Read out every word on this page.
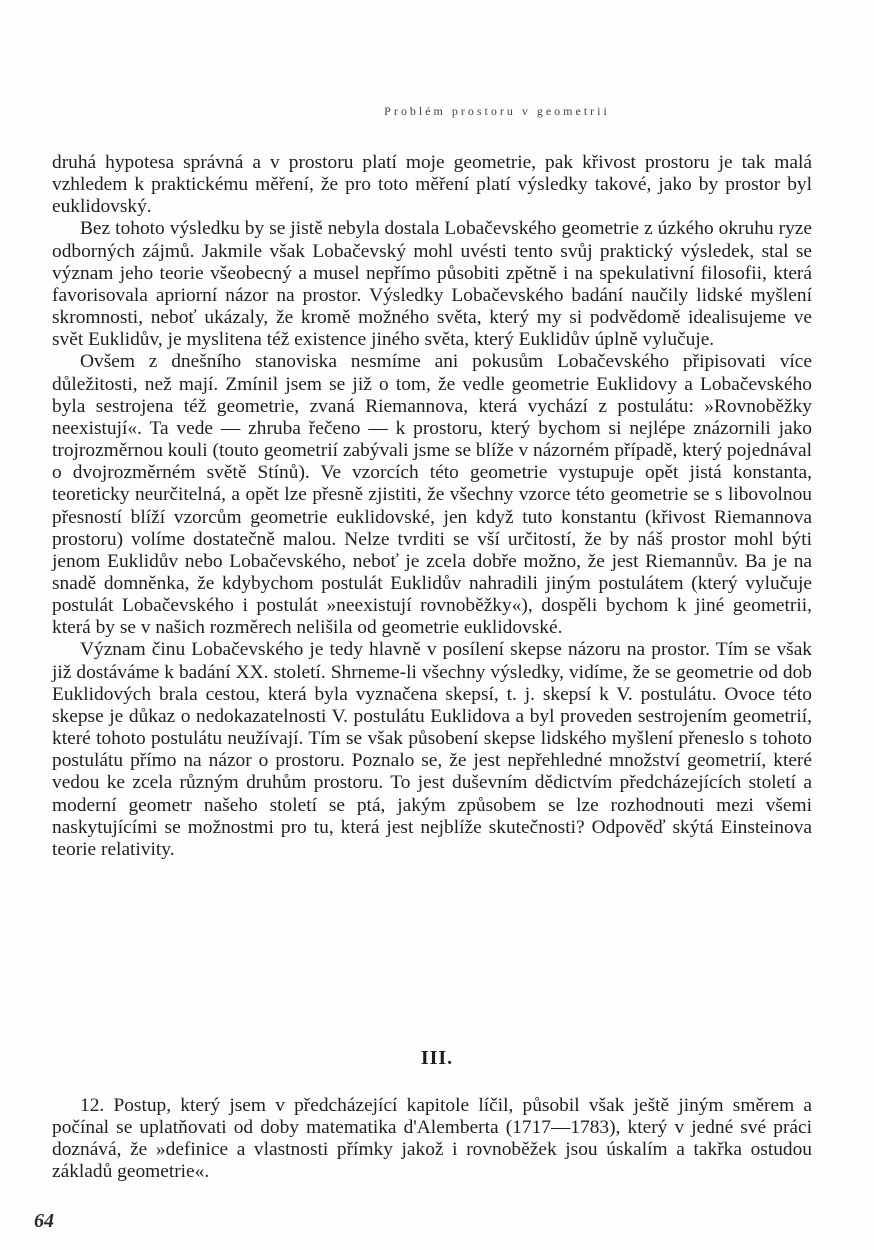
Problém prostoru v geometrii

druhá hypotesa správná a v prostoru platí moje geometrie, pak křivost prostoru je tak malá vzhledem k praktickému měření, že pro toto měření platí výsledky takové, jako by prostor byl euklidovský.

Bez tohoto výsledku by se jistě nebyla dostala Lobačevského geometrie z úzkého okruhu ryze odborných zájmů. Jakmile však Lobačevský mohl uvésti tento svůj praktický výsledek, stal se význam jeho teorie všeobecný a musel nepřímo působiti zpětně i na spekulativní filosofii, která favorisovala apriorní názor na prostor. Výsledky Lobačevského badání naučily lidské myšlení skromnosti, neboť ukázaly, že kromě možného světa, který my si podvědomě idealisujeme ve svět Euklidův, je myslitena též existence jiného světa, který Euklidův úplně vylučuje.

Ovšem z dnešního stanoviska nesmíme ani pokusům Lobačevského připisovati více důležitosti, než mají. Zmínil jsem se již o tom, že vedle geometrie Euklidovy a Lobačevského byla sestrojena též geometrie, zvaná Riemannova, která vychází z postulátu: »Rovnoběžky neexistují«. Ta vede — zhruba řečeno — k prostoru, který bychom si nejlépe znázornili jako trojrozměrnou kouli (touto geometrií zabývali jsme se blíže v názorném případě, který pojednával o dvojrozměrném světě Stínů). Ve vzorcích této geometrie vystupuje opět jistá konstanta, teoreticky neurčitelná, a opět lze přesně zjistiti, že všechny vzorce této geometrie se s libovolnou přesností blíží vzorcům geometrie euklidovské, jen když tuto konstantu (křivost Riemannova prostoru) volíme dostatečně malou. Nelze tvrditi se vší určitostí, že by náš prostor mohl býti jenom Euklidův nebo Lobačevského, neboť je zcela dobře možno, že jest Riemannův. Ba je na snadě domněnka, že kdybychom postulát Euklidův nahradili jiným postulátem (který vylučuje postulát Lobačevského i postulát »neexistují rovnoběžky«), dospěli bychom k jiné geometrii, která by se v našich rozměrech nelišila od geometrie euklidovské.

Význam činu Lobačevského je tedy hlavně v posílení skepse názoru na prostor. Tím se však již dostáváme k badání XX. století. Shrneme-li všechny výsledky, vidíme, že se geometrie od dob Euklidových brala cestou, která byla vyznačena skepsí, t. j. skepsí k V. postulátu. Ovoce této skepse je důkaz o nedokazatelnosti V. postulátu Euklidova a byl proveden sestrojením geometrií, které tohoto postulátu neužívají. Tím se však působení skepse lidského myšlení přeneslo s tohoto postulátu přímo na názor o prostoru. Poznalo se, že jest nepřehledné množství geometrií, které vedou ke zcela různým druhům prostoru. To jest duševním dědictvím předcházejících století a moderní geometr našeho století se ptá, jakým způsobem se lze rozhodnouti mezi všemi naskytujícími se možnostmi pro tu, která jest nejblíže skutečnosti? Odpověď skýtá Einsteinova teorie relativity.

III.

12. Postup, který jsem v předcházející kapitole líčil, působil však ještě jiným směrem a počínal se uplatňovati od doby matematika d'Alemberta (1717—1783), který v jedné své práci doznává, že »definice a vlastnosti přímky jakož i rovnoběžek jsou úskalím a takřka ostudou základů geometrie«.

64
